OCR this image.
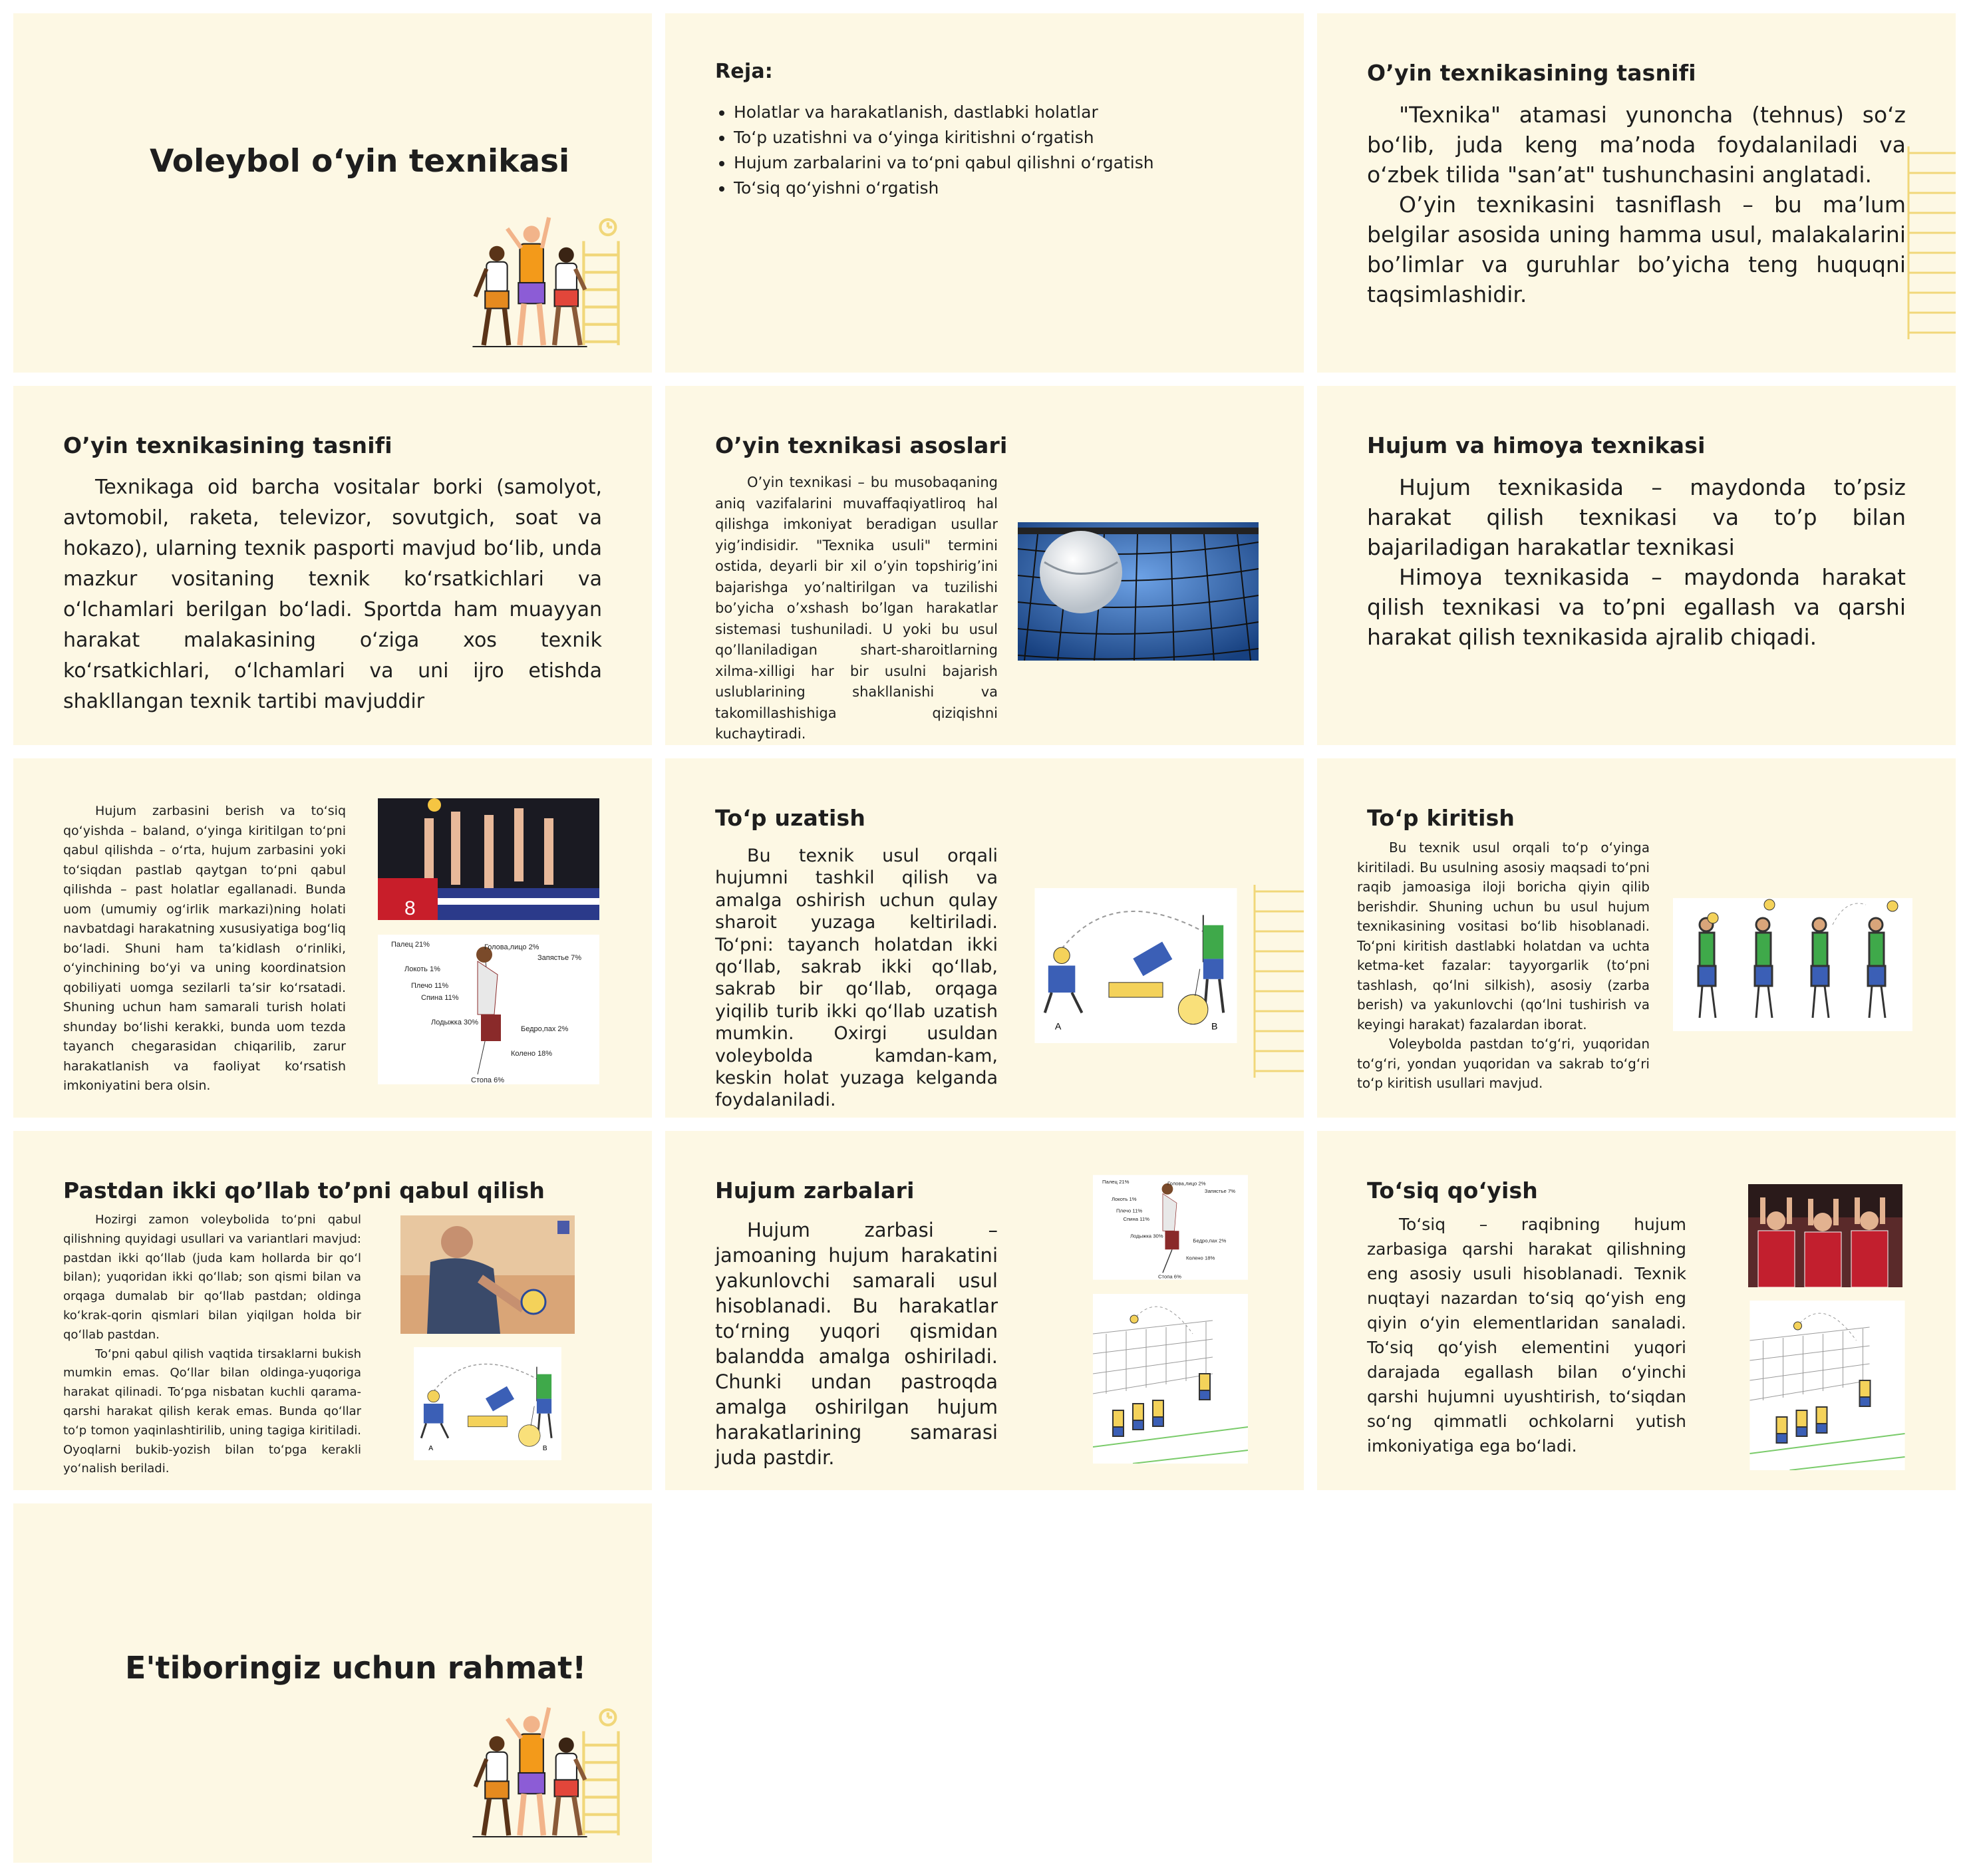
Voleybol o‘yin texnikasi
Reja:
• Holatlar va harakatlanish, dastlabki holatlar
• To‘p uzatishni va o‘yinga kiritishni o‘rgatish
• Hujum zarbalarini va to‘pni qabul qilishni o‘rgatish
• To‘siq qo‘yishni o‘rgatish
O’yin texnikasining tasnifi

"Texnika" atamasi yunoncha (tehnus) so‘z bo‘lib, juda keng ma’noda foydalaniladi va o‘zbek tilida "san’at" tushunchasini anglatadi.

O’yin texnikasini tasniflash – bu ma’lum belgilar asosida uning hamma usul, malakalarini bo’limlar va guruhlar bo’yicha teng huquqni taqsimlashidir.

O’yin texnikasining tasnifi

Texnikaga oid barcha vositalar borki (samolyot, avtomobil, raketa, televizor, sovutgich, soat va hokazo), ularning texnik pasporti mavjud bo‘lib, unda mazkur vositaning texnik ko‘rsatkichlari va o‘lchamlari berilgan bo‘ladi. Sportda ham muayyan harakat malakasining o‘ziga xos texnik ko‘rsatkichlari, o‘lchamlari va uni ijro etishda shakllangan texnik tartibi mavjuddir

O’yin texnikasi asoslari

O’yin texnikasi – bu musobaqaning aniq vazifalarini muvaffaqiyatliroq hal qilishga imkoniyat beradigan usullar yig’indisidir. "Texnika usuli" termini ostida, deyarli bir xil o’yin topshirig’ini bajarishga yo’naltirilgan va tuzilishi bo’yicha o’xshash bo’lgan harakatlar sistemasi tushuniladi. U yoki bu usul qo’llaniladigan shart-sharoitlarning xilma-xilligi har bir usulni bajarish uslublarining shakllanishi va takomillashishiga qiziqishni kuchaytiradi.

Hujum va himoya texnikasi

Hujum texnikasida – maydonda to’psiz harakat qilish texnikasi va to’p bilan bajariladigan harakatlar texnikasi

Himoya texnikasida – maydonda harakat qilish texnikasi va to’pni egallash va qarshi harakat qilish texnikasida ajralib chiqadi.

Hujum zarbasini berish va to‘siq qo‘yishda – baland, o‘yinga kiritilgan to‘pni qabul qilishda – o‘rta, hujum zarbasini yoki to‘siqdan pastlab qaytgan to‘pni qabul qilishda – past holatlar egallanadi. Bunda uom (umumiy og‘irlik markazi)ning holati navbatdagi harakatning xususiyatiga bog‘liq bo‘ladi. Shuni ham ta’kidlash o‘rinliki, o‘yinchining bo‘yi va uning koordinatsion qobiliyati uomga sezilarli ta’sir ko‘rsatadi. Shuning uchun ham samarali turish holati shunday bo‘lishi kerakki, bunda uom tezda tayanch chegarasidan chiqarilib, zarur harakatlanish va faoliyat ko‘rsatish imkoniyatini bera olsin.

8
Палец 21%	Голова,лицо 2%
Запястье 7%
Локоть 1%
Плечо 11%
Спина 11%
Лодыжка 30%
Бедро,пах 2%
Колено 18%
Стопа 6%
To‘p uzatish

Bu texnik usul orqali hujumni tashkil qilish va amalga oshirish uchun qulay sharoit yuzaga keltiriladi. To‘pni: tayanch holatdan ikki qo‘llab, sakrab ikki qo‘llab, sakrab bir qo‘llab, orqaga yiqilib turib ikki qo‘llab uzatish mumkin. Oxirgi usuldan voleybolda kamdan-kam, keskin holat yuzaga kelganda foydalaniladi.

To‘p kiritish

Bu texnik usul orqali to‘p o‘yinga kiritiladi. Bu usulning asosiy maqsadi to‘pni raqib jamoasiga iloji boricha qiyin qilib berishdir. Shuning uchun bu usul hujum texnikasining vositasi bo‘lib hisoblanadi. To‘pni kiritish dastlabki holatdan va uchta ketma-ket fazalar: tayyorgarlik (to‘pni tashlash, qo‘lni silkish), asosiy (zarba berish) va yakunlovchi (qo‘lni tushirish va keyingi harakat) fazalardan iborat.

Voleybolda pastdan to‘g‘ri, yuqoridan to‘g‘ri, yondan yuqoridan va sakrab to‘g‘ri to‘p kiritish usullari mavjud.

Pastdan ikki qo’llab to’pni qabul qilish

Hozirgi zamon voleybolida to‘pni qabul qilishning quyidagi usullari va variantlari mavjud: pastdan ikki qo‘llab (juda kam hollarda bir qo‘l bilan); yuqoridan ikki qo‘llab; son qismi bilan va orqaga dumalab bir qo‘llab pastdan; oldinga ko‘krak-qorin qismlari bilan yiqilgan holda bir qo‘llab pastdan.

To‘pni qabul qilish vaqtida tirsaklarni bukish mumkin emas. Qo‘llar bilan oldinga-yuqoriga harakat qilinadi. To‘pga nisbatan kuchli qarama-qarshi harakat qilish kerak emas. Bunda qo‘llar to‘p tomon yaqinlashtirilib, uning tagiga kiritiladi. Oyoqlarni bukib-yozish bilan to‘pga kerakli yo‘nalish beriladi.

Hujum zarbalari

Hujum zarbasi – jamoaning hujum harakatini yakunlovchi samarali usul hisoblanadi. Bu harakatlar to‘rning yuqori qismidan balandda amalga oshiriladi. Chunki undan pastroqda amalga oshirilgan hujum harakatlarining samarasi juda pastdir.

Палец 21%	Голова,лицо 2%
Запястье 7%
Локоть 1%
Плечо 11%
Спина 11%
Лодыжка 30%
Бедро,пах 2%
Колено 18%
Стопа 6%
To‘siq qo‘yish

To‘siq – raqibning hujum zarbasiga qarshi harakat qilishning eng asosiy usuli hisoblanadi. Texnik nuqtayi nazardan to‘siq qo‘yish eng qiyin o‘yin elementlaridan sanaladi. To‘siq qo‘yish elementini yuqori darajada egallash bilan o‘yinchi qarshi hujumni uyushtirish, to‘siqdan so‘ng qimmatli ochkolarni yutish imkoniyatiga ega bo‘ladi.

E'tiboringiz uchun rahmat!
